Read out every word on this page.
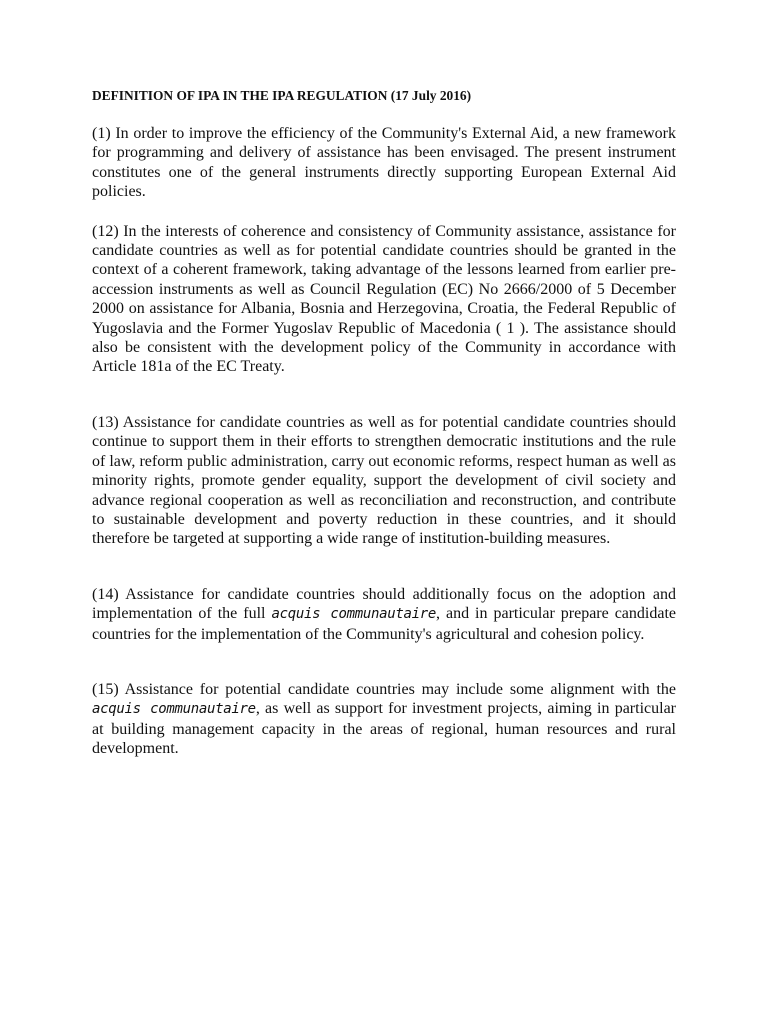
DEFINITION OF IPA IN THE IPA REGULATION (17 July 2016)

(1) In order to improve the efficiency of the Community's External Aid, a new framework for programming and delivery of assistance has been envisaged. The present instrument constitutes one of the general instruments directly supporting European External Aid policies.

(12) In the interests of coherence and consistency of Community assistance, assistance for candidate countries as well as for potential candidate countries should be granted in the context of a coherent framework, taking advantage of the lessons learned from earlier pre-accession instruments as well as Council Regulation (EC) No 2666/2000 of 5 December 2000 on assistance for Albania, Bosnia and Herzegovina, Croatia, the Federal Republic of Yugoslavia and the Former Yugoslav Republic of Macedonia ( 1 ). The assistance should also be consistent with the development policy of the Community in accordance with Article 181a of the EC Treaty.

(13) Assistance for candidate countries as well as for potential candidate countries should continue to support them in their efforts to strengthen democratic institutions and the rule of law, reform public administration, carry out economic reforms, respect human as well as minority rights, promote gender equality, support the development of civil society and advance regional cooperation as well as reconciliation and reconstruction, and contribute to sustainable development and poverty reduction in these countries, and it should therefore be targeted at supporting a wide range of institution-building measures.

(14) Assistance for candidate countries should additionally focus on the adoption and implementation of the full acquis communautaire, and in particular prepare candidate countries for the implementation of the Community's agricultural and cohesion policy.

(15) Assistance for potential candidate countries may include some alignment with the acquis communautaire, as well as support for investment projects, aiming in particular at building management capacity in the areas of regional, human resources and rural development.
